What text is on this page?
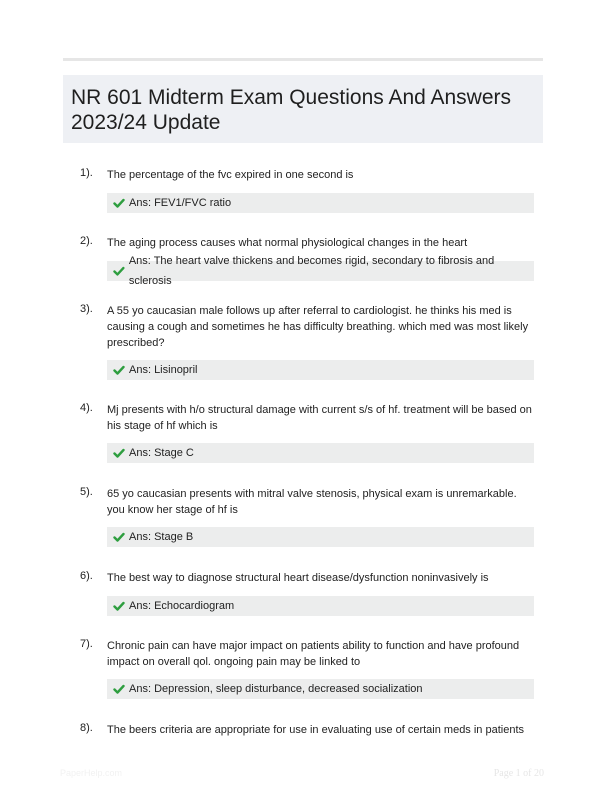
NR 601 Midterm Exam Questions And Answers
2023/24 Update
1). The percentage of the fvc expired in one second is
Ans: FEV1/FVC ratio
2). The aging process causes what normal physiological changes in the heart
Ans: The heart valve thickens and becomes rigid, secondary to fibrosis and sclerosis
3). A 55 yo caucasian male follows up after referral to cardiologist. he thinks his med is causing a cough and sometimes he has difficulty breathing. which med was most likely prescribed?
Ans: Lisinopril
4). Mj presents with h/o structural damage with current s/s of hf. treatment will be based on his stage of hf which is
Ans: Stage C
5). 65 yo caucasian presents with mitral valve stenosis, physical exam is unremarkable. you know her stage of hf is
Ans: Stage B
6). The best way to diagnose structural heart disease/dysfunction noninvasively is
Ans: Echocardiogram
7). Chronic pain can have major impact on patients ability to function and have profound impact on overall qol. ongoing pain may be linked to
Ans: Depression, sleep disturbance, decreased socialization
8). The beers criteria are appropriate for use in evaluating use of certain meds in patients
PaperHelp.com	Page 1 of 20
